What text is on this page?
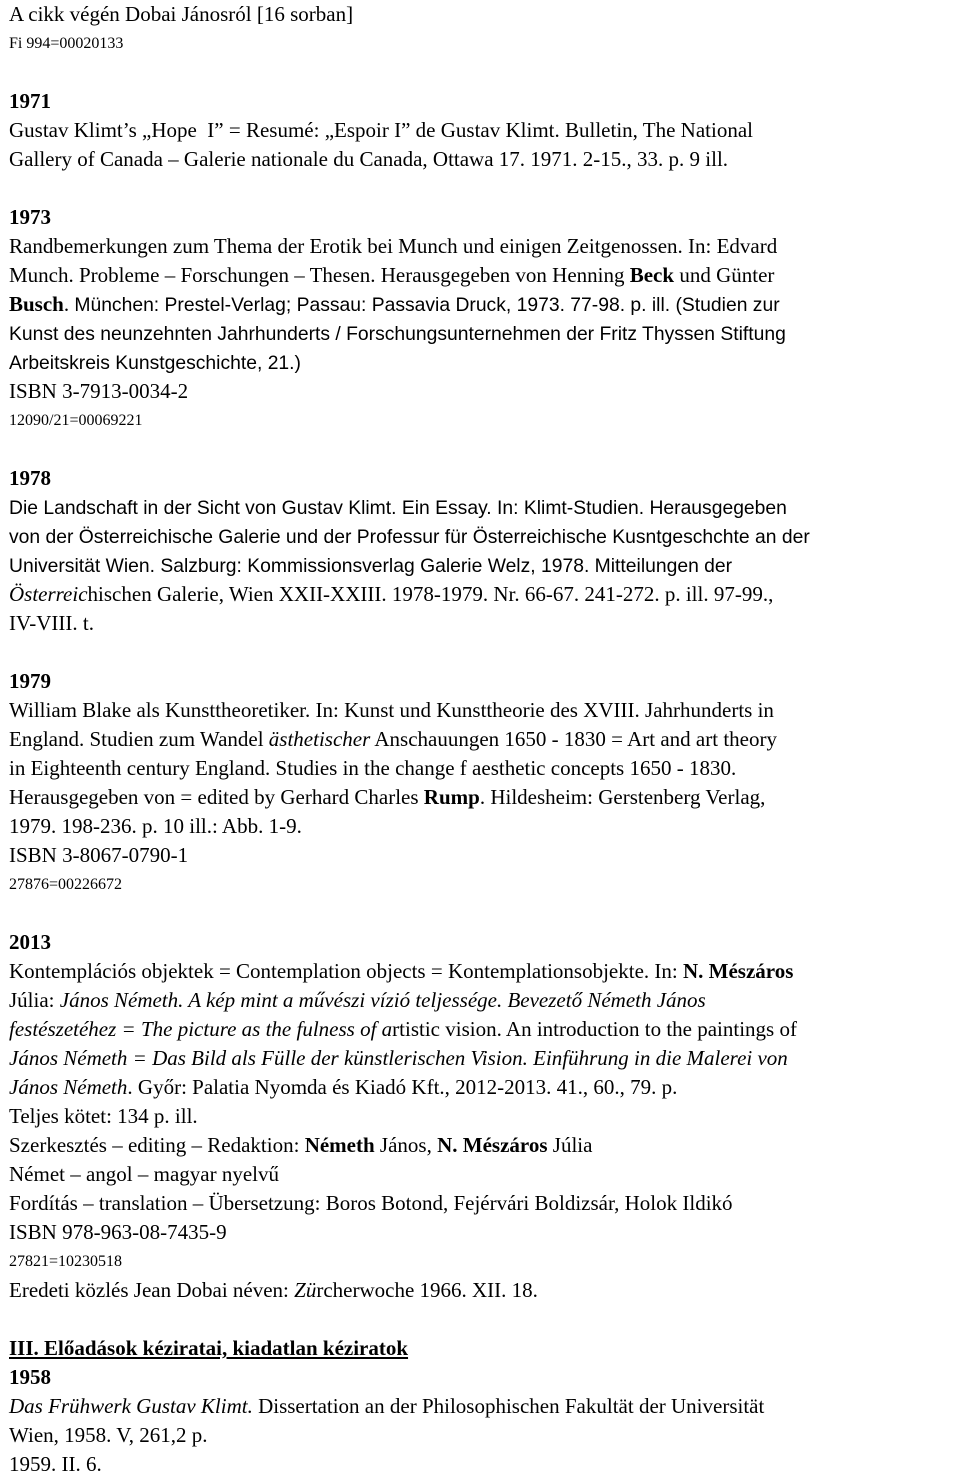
A cikk végén Dobai Jánosról [16 sorban]
Fi 994=00020133
1971
Gustav Klimt’s „Hope  I” = Resumé: „Espoir I” de Gustav Klimt. Bulletin, The National
Gallery of Canada – Galerie nationale du Canada, Ottawa 17. 1971. 2-15., 33. p. 9 ill.
1973
Randbemerkungen zum Thema der Erotik bei Munch und einigen Zeitgenossen. In: Edvard
Munch. Probleme – Forschungen – Thesen. Herausgegeben von Henning Beck und Günter
Busch. München: Prestel-Verlag; Passau: Passavia Druck, 1973. 77-98. p. ill. (Studien zur
Kunst des neunzehnten Jahrhunderts / Forschungsunternehmen der Fritz Thyssen Stiftung
Arbeitskreis Kunstgeschichte, 21.)
ISBN 3-7913-0034-2
12090/21=00069221
1978
Die Landschaft in der Sicht von Gustav Klimt. Ein Essay. In: Klimt-Studien. Herausgegeben
von der Österreichische Galerie und der Professur für Österreichische Kusntgeschchte an der
Universität Wien. Salzburg: Kommissionsverlag Galerie Welz, 1978. Mitteilungen der
Österreichischen Galerie, Wien XXII-XXIII. 1978-1979. Nr. 66-67. 241-272. p. ill. 97-99.,
IV-VIII. t.
1979
William Blake als Kunsttheoretiker. In: Kunst und Kunsttheorie des XVIII. Jahrhunderts in
England. Studien zum Wandel ästhetischer Anschauungen 1650 - 1830 = Art and art theory
in Eighteenth century England. Studies in the change f aesthetic concepts 1650 - 1830.
Herausgegeben von = edited by Gerhard Charles Rump. Hildesheim: Gerstenberg Verlag,
1979. 198-236. p. 10 ill.: Abb. 1-9.
ISBN 3-8067-0790-1
27876=00226672
2013
Kontemplációs objektek = Contemplation objects = Kontemplationsobjekte. In: N. Mészáros
Júlia: János Németh. A kép mint a művészi vízió teljessége. Bevezető Németh János
festészetéhez = The picture as the fulness of artistic vision. An introduction to the paintings of
János Németh = Das Bild als Fülle der künstlerischen Vision. Einführung in die Malerei von
János Németh. Győr: Palatia Nyomda és Kiadó Kft., 2012-2013. 41., 60., 79. p.
Teljes kötet: 134 p. ill.
Szerkesztés – editing – Redaktion: Németh János, N. Mészáros Júlia
Német – angol – magyar nyelvű
Fordítás – translation – Übersetzung: Boros Botond, Fejérvári Boldizsár, Holok Ildikó
ISBN 978-963-08-7435-9
27821=10230518
Eredeti közlés Jean Dobai néven: Zürcherwoche 1966. XII. 18.
III. Előadások kéziratai, kiadatlan kéziratok
1958
Das Frühwerk Gustav Klimt. Dissertation an der Philosophischen Fakultät der Universität
Wien, 1958. V, 261,2 p.
1959. II. 6.
